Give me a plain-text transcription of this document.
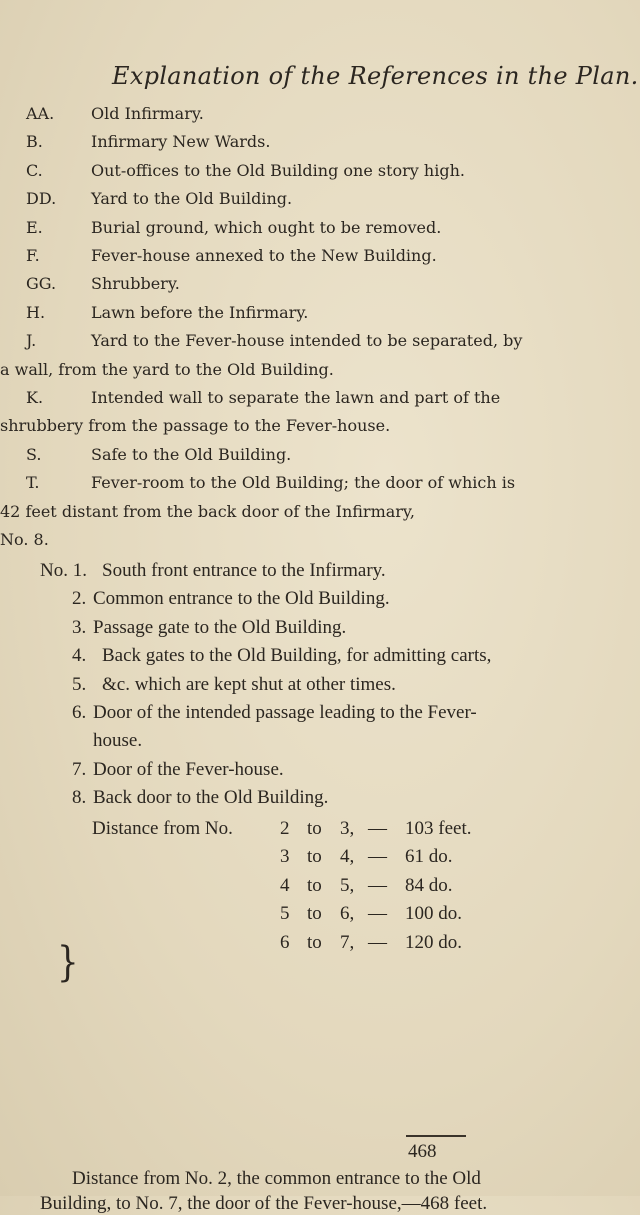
Explanation of the References in the Plan.
AA. Old Infirmary.
B.	Infirmary New Wards.
C.	Out-offices to the Old Building one story high.
DD. Yard to the Old Building.
E.	Burial ground, which ought to be removed.
F.	Fever-house annexed to the New Building.
GG. Shrubbery.
H.	Lawn before the Infirmary.
J.	Yard to the Fever-house intended to be separated, by
a wall, from the yard to the Old Building.
K.	Intended wall to separate the lawn and part of the
shrubbery from the passage to the Fever-house.
S.	Safe to the Old Building.
T.	Fever-room to the Old Building; the door of which is
42 feet distant from the back door of the Infirmary,
No. 8.
No. 1. South front entrance to the Infirmary.
2. Common entrance to the Old Building.
3. Passage gate to the Old Building.
4. Back gates to the Old Building, for admitting carts,
5. &c. which are kept shut at other times.
6. Door of the intended passage leading to the Fever-
house.
7. Door of the Fever-house.
8. Back door to the Old Building.
}
Distance from No. 2 to 3, — 103 feet.
3 to 4, — 61 do.
4 to 5, — 84 do.
5 to 6, — 100 do.
6 to 7, — 120 do.
468
Distance from No. 2, the common entrance to the Old
Building, to No. 7, the door of the Fever-house,—468 feet.
